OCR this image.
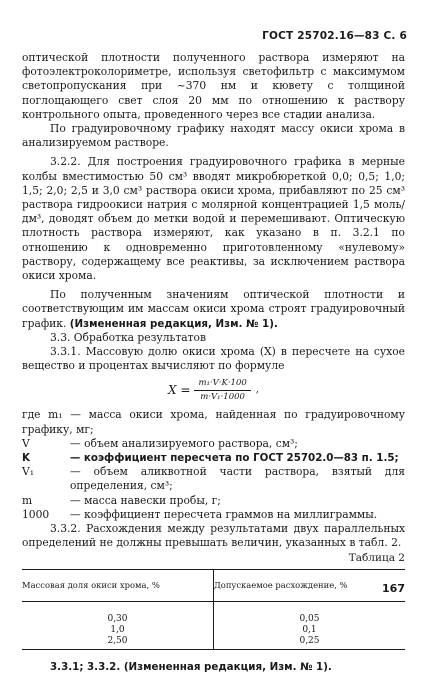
ГОСТ 25702.16—83 С. 6

оптической плотности полученного раствора измеряют на фотоэлектроколориметре, используя светофильтр с максимумом светопропускания при ~370 нм и кювету с толщиной поглощающего свет слоя 20 мм по отношению к раствору контрольного опыта, проведенного через все стадии анализа.

По градуировочному графику находят массу окиси хрома в анализируемом растворе.

3.2.2. Для построения градуировочного графика в мерные колбы вместимостью 50 см³ вводят микробюреткой 0,0; 0,5; 1,0; 1,5; 2,0; 2,5 и 3,0 см³ раствора окиси хрома, прибавляют по 25 см³ раствора гидроокиси натрия с молярной концентрацией 1,5 моль/дм³, доводят объем до метки водой и перемешивают. Оптическую плотность раствора измеряют, как указано в п. 3.2.1 по отношению к одновременно приготовленному «нулевому» раствору, содержащему все реактивы, за исключением раствора окиси хрома.

По полученным значениям оптической плотности и соответствующим им массам окиси хрома строят градуировочный график. (Измененная редакция, Изм. № 1).

3.3. Обработка результатов

3.3.1. Массовую долю окиси хрома (X) в пересчете на сухое вещество и процентах вычисляют по формуле

$X = \frac{\text{m₁·V·K·100}}{\text{m·V₁·1000}}$ ,

где m₁ — масса окиси хрома, найденная по градуировочному графику, мг;

V	— объем анализируемого раствора, см³;
K	— коэффициент пересчета по ГОСТ 25702.0—83 п. 1.5;
V₁	— объем аликвотной части раствора, взятый для определения, см³;
m	— масса навески пробы, г;
1000	— коэффициент пересчета граммов на миллиграммы.

3.3.2. Расхождения между результатами двух параллельных определений не должны превышать величин, указанных в табл. 2.

Таблица 2
Массовая доля окиси хрома, %	Допускаемое расхождение, %
0,30	0,05
1,0	0,1
2,50	0,25

3.3.1; 3.3.2. (Измененная редакция, Изм. № 1).

167
